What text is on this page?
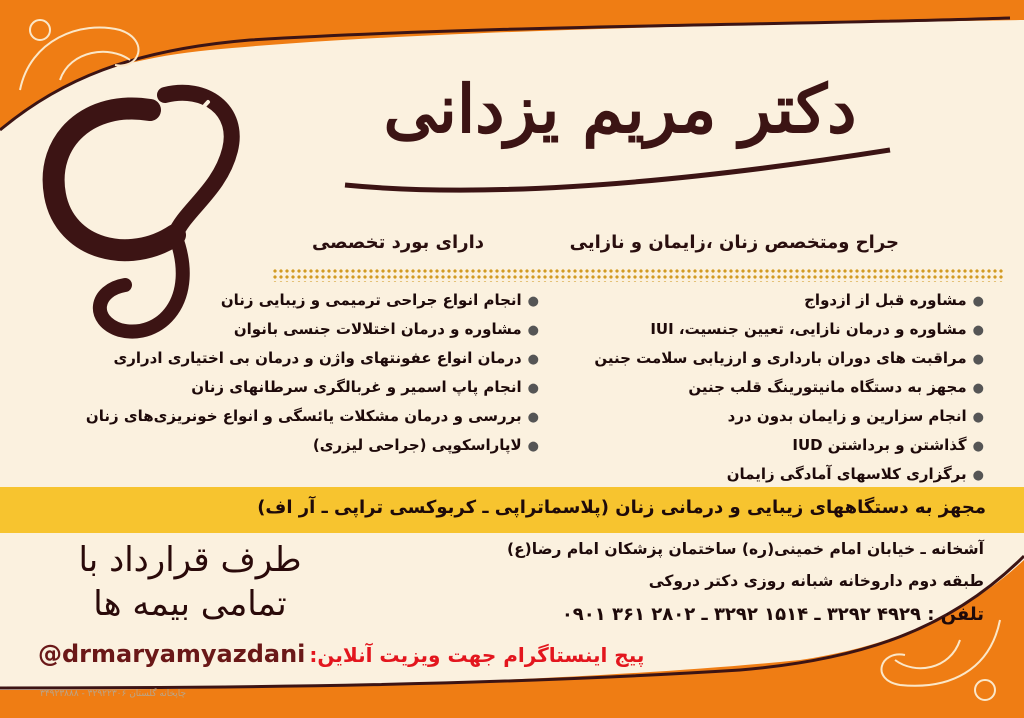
دکتر مریم یزدانی
جراح ومتخصص زنان ،زایمان و نازایی
دارای بورد تخصصی
●مشاوره قبل از ازدواج
●مشاوره و درمان نازایی، تعیین جنسیت، IUI
●مراقبت های دوران بارداری و ارزیابی سلامت جنین
●مجهز به دستگاه مانیتورینگ قلب جنین
●انجام سزارین و زایمان بدون درد
●گذاشتن و برداشتن IUD
●برگزاری کلاسهای آمادگی زایمان
●انجام انواع جراحی ترمیمی و زیبایی زنان
●مشاوره و درمان اختلالات جنسی بانوان
●درمان انواع عفونتهای واژن و درمان بی اختیاری ادراری
●انجام پاپ اسمیر و غربالگری سرطانهای زنان
●بررسی و درمان مشکلات یائسگی و انواع خونریزی‌های زنان
●لاپاراسکوپی (جراحی لیزری)
مجهز به دستگاههای زیبایی و درمانی زنان (پلاسماتراپی ـ کربوکسی تراپی ـ آر اف)
طرف قرارداد با
تمامی بیمه ها
آشخانه ـ خیابان امام خمینی(ره) ساختمان پزشکان امام رضا(ع)
طبقه دوم داروخانه شبانه روزی دکتر دروکی
تلفن : ۴۹۲۹ ۳۲۹۲ ـ ۱۵۱۴ ۳۲۹۲ ـ ۲۸۰۲ ۳۶۱ ۰۹۰۱
@drmaryamyazdani :پیج اینستاگرام جهت ویزیت آنلاین
چاپخانه گلستان ۳۲۹۲۲۳۰۶ - ۳۴۹۲۳۸۸۸
